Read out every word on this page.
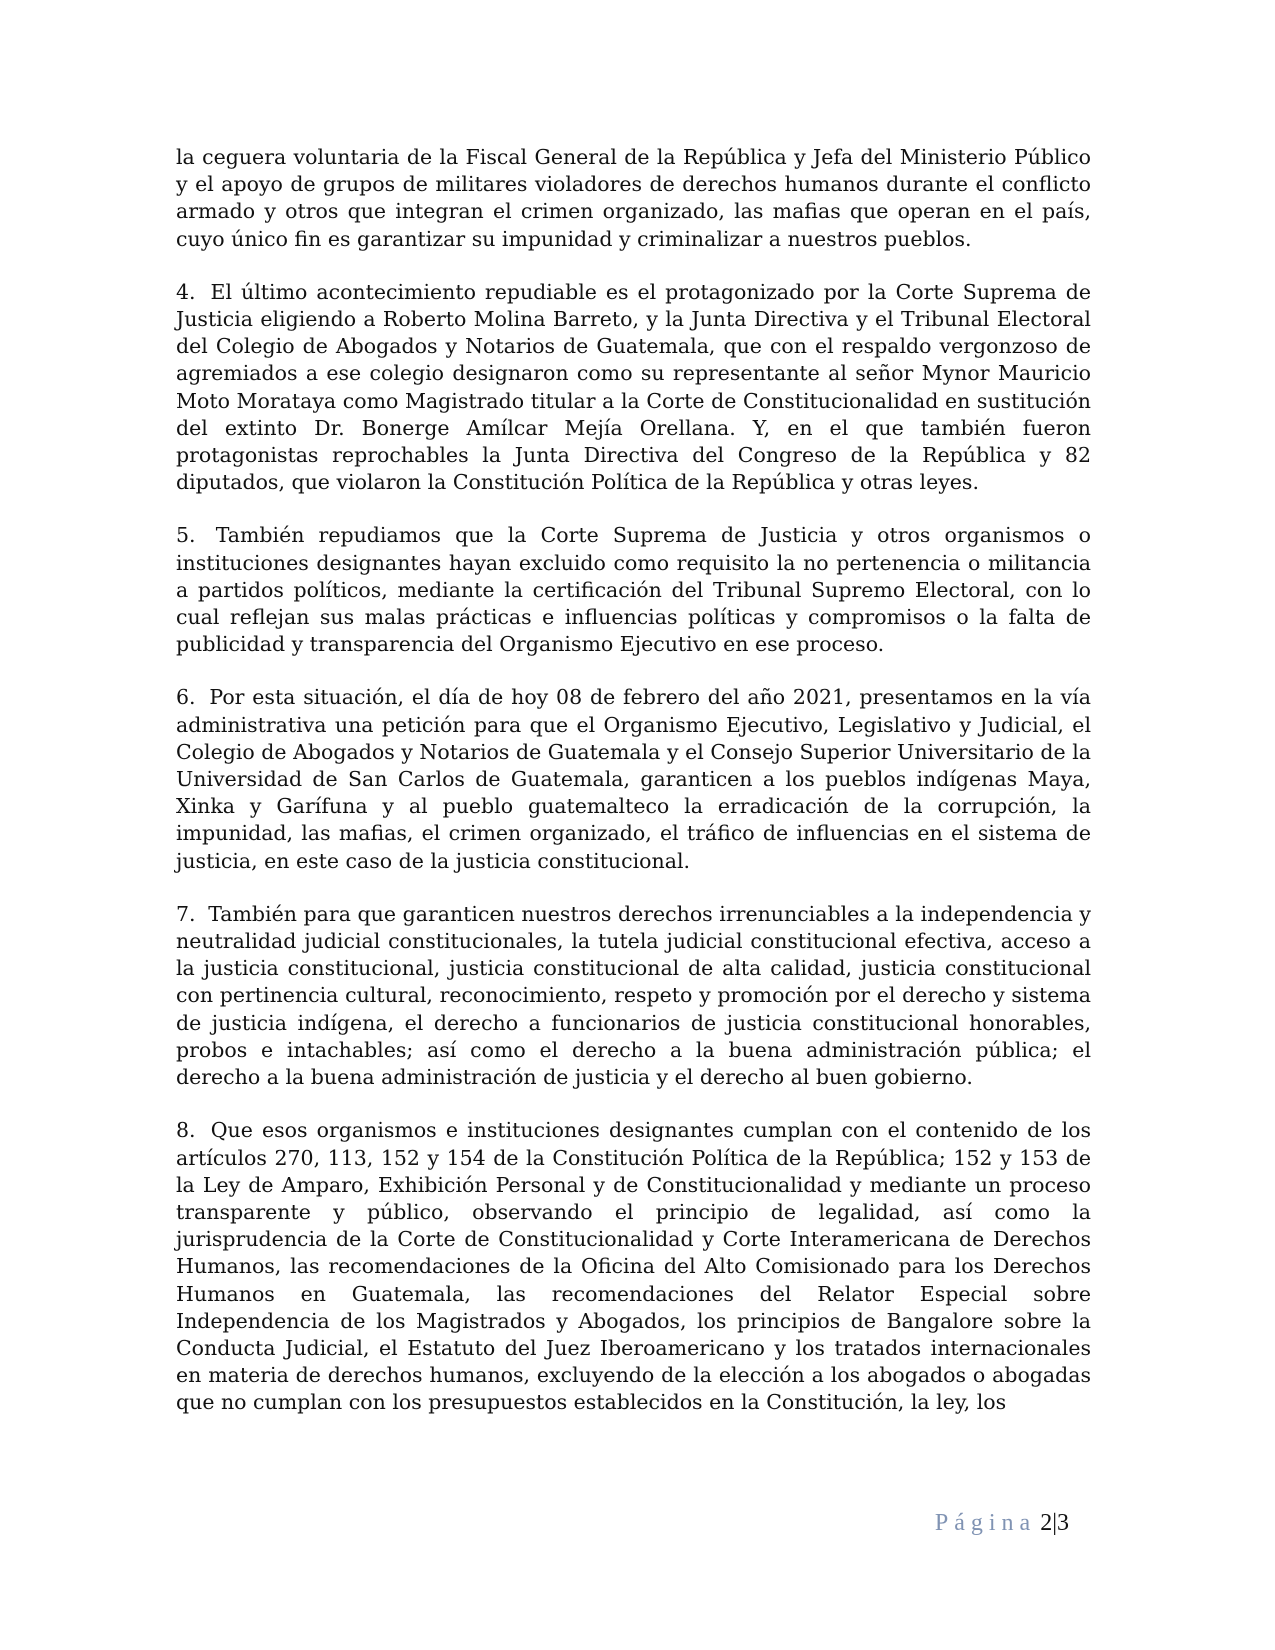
la ceguera voluntaria de la Fiscal General de la República y Jefa del Ministerio Público y el apoyo de grupos de militares violadores de derechos humanos durante el conflicto armado y otros que integran el crimen organizado, las mafias que operan en el país, cuyo único fin es garantizar su impunidad y criminalizar a nuestros pueblos.

4. El último acontecimiento repudiable es el protagonizado por la Corte Suprema de Justicia eligiendo a Roberto Molina Barreto, y la Junta Directiva y el Tribunal Electoral del Colegio de Abogados y Notarios de Guatemala, que con el respaldo vergonzoso de agremiados a ese colegio designaron como su representante al señor Mynor Mauricio Moto Morataya como Magistrado titular a la Corte de Constitucionalidad en sustitución del extinto Dr. Bonerge Amílcar Mejía Orellana. Y, en el que también fueron protagonistas reprochables la Junta Directiva del Congreso de la República y 82 diputados, que violaron la Constitución Política de la República y otras leyes.

5. También repudiamos que la Corte Suprema de Justicia y otros organismos o instituciones designantes hayan excluido como requisito la no pertenencia o militancia a partidos políticos, mediante la certificación del Tribunal Supremo Electoral, con lo cual reflejan sus malas prácticas e influencias políticas y compromisos o la falta de publicidad y transparencia del Organismo Ejecutivo en ese proceso.

6. Por esta situación, el día de hoy 08 de febrero del año 2021, presentamos en la vía administrativa una petición para que el Organismo Ejecutivo, Legislativo y Judicial, el Colegio de Abogados y Notarios de Guatemala y el Consejo Superior Universitario de la Universidad de San Carlos de Guatemala, garanticen a los pueblos indígenas Maya, Xinka y Garífuna y al pueblo guatemalteco la erradicación de la corrupción, la impunidad, las mafias, el crimen organizado, el tráfico de influencias en el sistema de justicia, en este caso de la justicia constitucional.

7. También para que garanticen nuestros derechos irrenunciables a la independencia y neutralidad judicial constitucionales, la tutela judicial constitucional efectiva, acceso a la justicia constitucional, justicia constitucional de alta calidad, justicia constitucional con pertinencia cultural, reconocimiento, respeto y promoción por el derecho y sistema de justicia indígena, el derecho a funcionarios de justicia constitucional honorables, probos e intachables; así como el derecho a la buena administración pública; el derecho a la buena administración de justicia y el derecho al buen gobierno.

8. Que esos organismos e instituciones designantes cumplan con el contenido de los artículos 270, 113, 152 y 154 de la Constitución Política de la República; 152 y 153 de la Ley de Amparo, Exhibición Personal y de Constitucionalidad y mediante un proceso transparente y público, observando el principio de legalidad, así como la jurisprudencia de la Corte de Constitucionalidad y Corte Interamericana de Derechos Humanos, las recomendaciones de la Oficina del Alto Comisionado para los Derechos Humanos en Guatemala, las recomendaciones del Relator Especial sobre Independencia de los Magistrados y Abogados, los principios de Bangalore sobre la Conducta Judicial, el Estatuto del Juez Iberoamericano y los tratados internacionales en materia de derechos humanos, excluyendo de la elección a los abogados o abogadas que no cumplan con los presupuestos establecidos en la Constitución, la ley, los

Página 2|3
